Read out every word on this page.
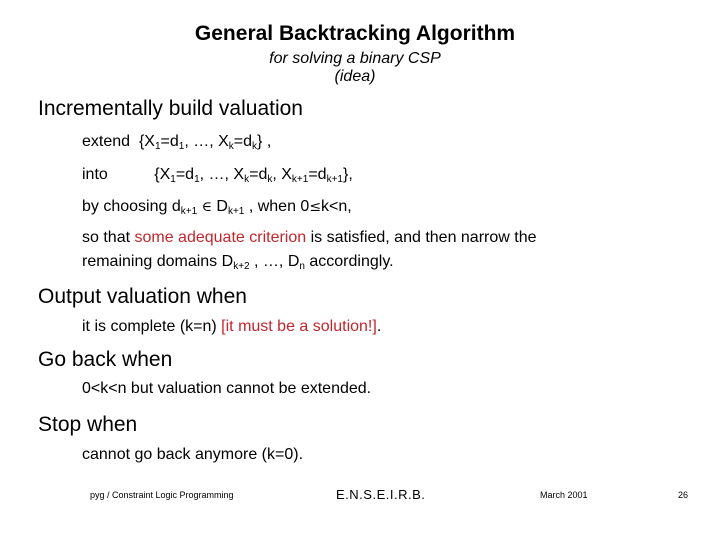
General Backtracking Algorithm
for solving a binary CSP
(idea)
Incrementally build valuation
extend  {$X_1=d_1$, …, $X_k=d_k$} ,
into	{$X_1=d_1$, …, $X_k=d_k$, $X_{k+1}=d_{k+1}$},
by choosing $d_{k+1}$ ∈ $D_{k+1}$ , when 0≤k<n,
so that some adequate criterion is satisfied, and then narrow the
remaining domains $D_{k+2}$ , …, $D_n$ accordingly.
Output valuation when
it is complete (k=n) [it must be a solution!].
Go back when
0<k<n but valuation cannot be extended.
Stop when
cannot go back anymore (k=0).
pyg / Constraint Logic Programming	E.N.S.E.I.R.B.	March 2001	26
